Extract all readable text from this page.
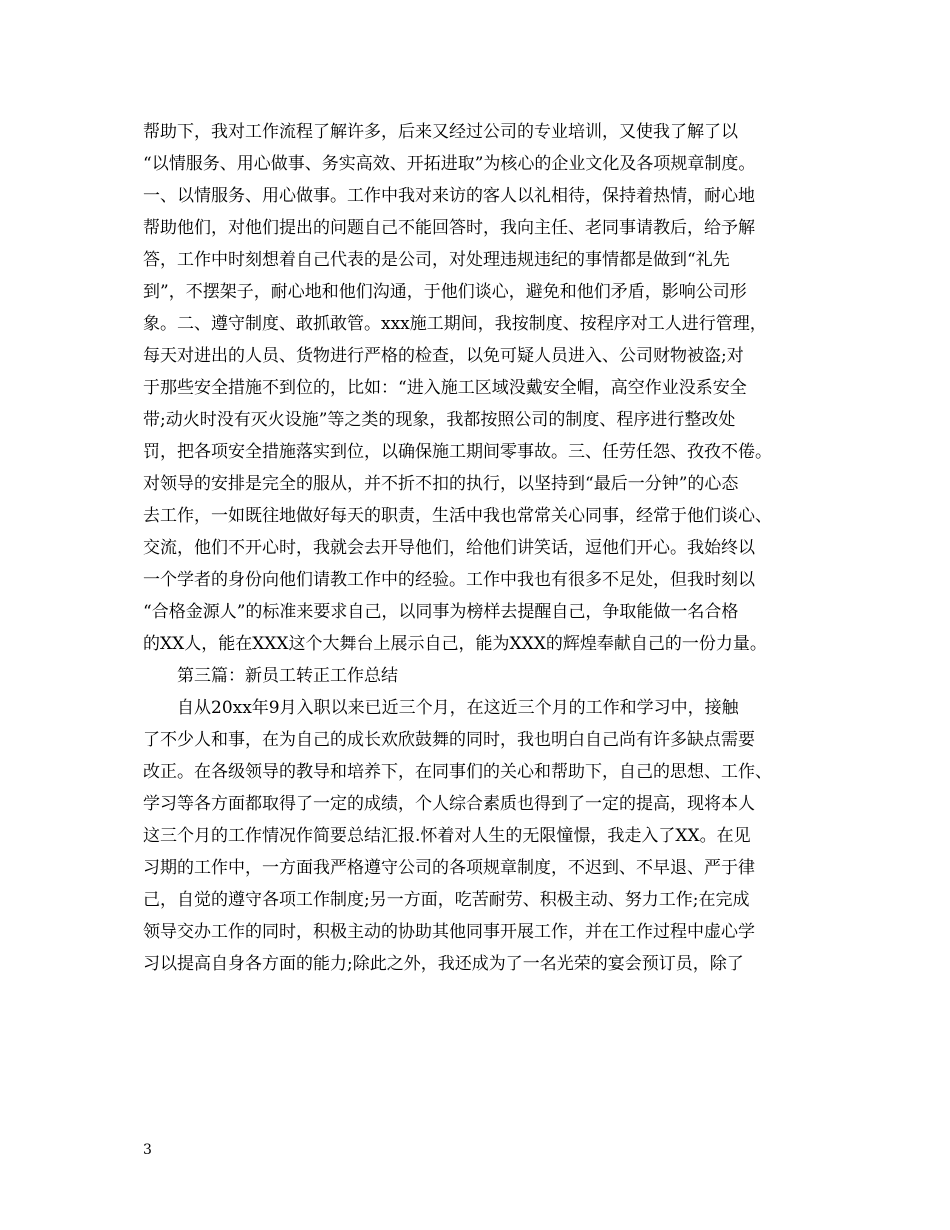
帮助下，我对工作流程了解许多，后来又经过公司的专业培训，又使我了解了以
“以情服务、用心做事、务实高效、开拓进取”为核心的企业文化及各项规章制度。
一、以情服务、用心做事。工作中我对来访的客人以礼相待，保持着热情，耐心地
帮助他们，对他们提出的问题自己不能回答时，我向主任、老同事请教后，给予解
答，工作中时刻想着自己代表的是公司，对处理违规违纪的事情都是做到“礼先
到”，不摆架子，耐心地和他们沟通，于他们谈心，避免和他们矛盾，影响公司形
象。二、遵守制度、敢抓敢管。xxx施工期间，我按制度、按程序对工人进行管理，
每天对进出的人员、货物进行严格的检查，以免可疑人员进入、公司财物被盗;对
于那些安全措施不到位的，比如：“进入施工区域没戴安全帽，高空作业没系安全
带;动火时没有灭火设施”等之类的现象，我都按照公司的制度、程序进行整改处
罚，把各项安全措施落实到位，以确保施工期间零事故。三、任劳任怨、孜孜不倦。
对领导的安排是完全的服从，并不折不扣的执行，以坚持到“最后一分钟”的心态
去工作，一如既往地做好每天的职责，生活中我也常常关心同事，经常于他们谈心、
交流，他们不开心时，我就会去开导他们，给他们讲笑话，逗他们开心。我始终以
一个学者的身份向他们请教工作中的经验。工作中我也有很多不足处，但我时刻以
“合格金源人”的标准来要求自己，以同事为榜样去提醒自己，争取能做一名合格
的XX人，能在XXX这个大舞台上展示自己，能为XXX的辉煌奉献自己的一份力量。
第三篇：新员工转正工作总结
自从20xx年9月入职以来已近三个月，在这近三个月的工作和学习中，接触
了不少人和事，在为自己的成长欢欣鼓舞的同时，我也明白自己尚有许多缺点需要
改正。在各级领导的教导和培养下，在同事们的关心和帮助下，自己的思想、工作、
学习等各方面都取得了一定的成绩，个人综合素质也得到了一定的提高，现将本人
这三个月的工作情况作简要总结汇报.怀着对人生的无限憧憬，我走入了XX。在见
习期的工作中，一方面我严格遵守公司的各项规章制度，不迟到、不早退、严于律
己，自觉的遵守各项工作制度;另一方面，吃苦耐劳、积极主动、努力工作;在完成
领导交办工作的同时，积极主动的协助其他同事开展工作，并在工作过程中虚心学
习以提高自身各方面的能力;除此之外，我还成为了一名光荣的宴会预订员，除了
3
